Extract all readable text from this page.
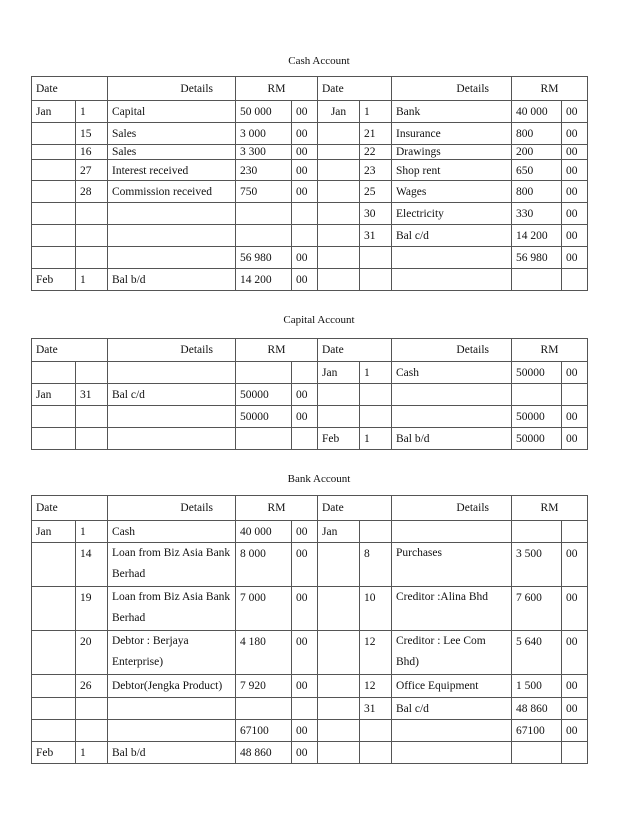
Cash Account
Date		Details	RM		Date		Details	RM	
Jan	1	Capital	50 000	00	Jan	1	Bank	40 000	00
	15	Sales	3 000	00		21	Insurance	800	00
	16	Sales	3 300	00		22	Drawings	200	00
	27	Interest received	230	00		23	Shop rent	650	00
	28	Commission received	750	00		25	Wages	800	00
						30	Electricity	330	00
						31	Bal c/d	14 200	00
			56 980	00				56 980	00
Feb	1	Bal b/d	14 200	00					
Capital Account
Date		Details	RM		Date		Details	RM	
					Jan	1	Cash	50000	00
Jan	31	Bal c/d	50000	00					
			50000	00				50000	00
					Feb	1	Bal b/d	50000	00
Bank Account
Date		Details	RM		Date		Details	RM	
Jan	1	Cash	40 000	00	Jan				
	14	Loan from Biz Asia Bank Berhad	8 000	00		8	Purchases	3 500	00
	19	Loan from Biz Asia Bank Berhad	7 000	00		10	Creditor :Alina Bhd	7 600	00
	20	Debtor : Berjaya Enterprise)	4 180	00		12	Creditor : Lee Com Bhd)	5 640	00
	26	Debtor(Jengka Product)	7 920	00		12	Office Equipment	1 500	00
						31	Bal c/d	48 860	00
			67100	00				67100	00
Feb	1	Bal b/d	48 860	00					
